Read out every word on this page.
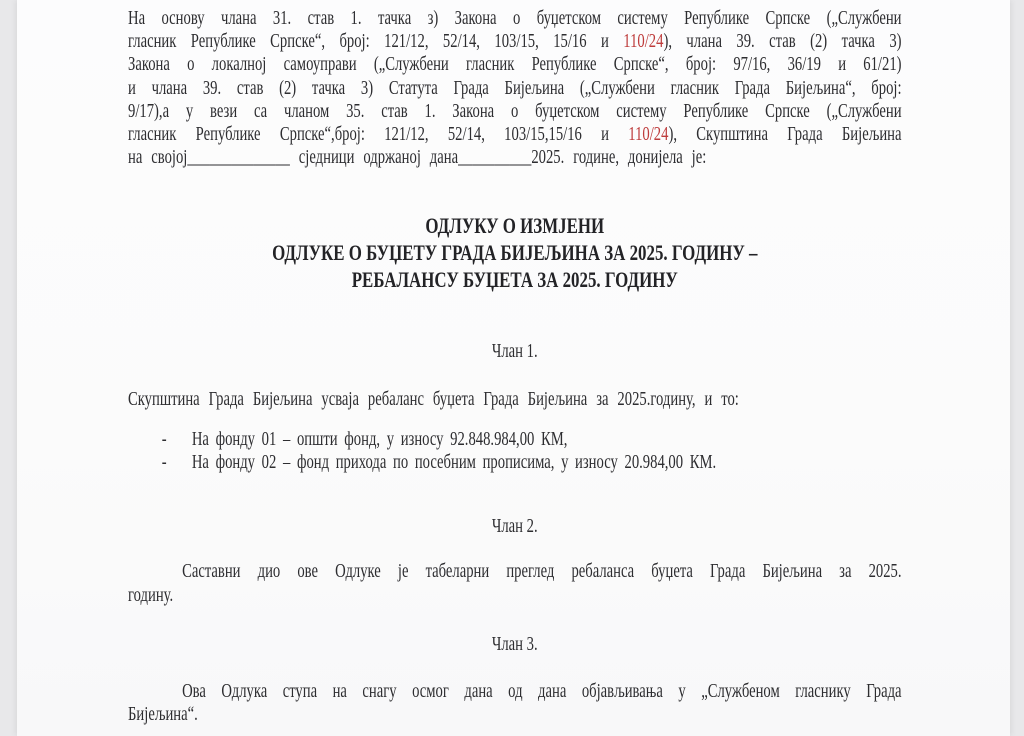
На основу члана 31. став 1. тачка з) Закона о буџетском систему Републике Српске („Службени
гласник Републике Српске“, број: 121/12, 52/14, 103/15, 15/16 и 110/24), члана 39. став (2) тачка 3)
Закона о локалној самоуправи („Службени гласник Републике Српске“, број: 97/16, 36/19 и 61/21)
и члана 39. став (2) тачка 3) Статута Града Бијељина („Службени гласник Града Бијељина“, број:
9/17),а у вези са чланом 35. став 1. Закона о буџетском систему Републике Српске („Службени
гласник Републике Српске“,број: 121/12, 52/14, 103/15,15/16 и 110/24), Скупштина Града Бијељина
на својој______________ сједници одржаној дана__________2025. године, донијела је:
ОДЛУКУ О ИЗМЈЕНИ
ОДЛУКЕ О БУЏЕТУ ГРАДА БИЈЕЉИНА ЗА 2025. ГОДИНУ –
РЕБАЛАНСУ БУЏЕТА ЗА 2025. ГОДИНУ
Члан 1.
Скупштина Града Бијељина усваја ребаланс буџета Града Бијељина за 2025.годину, и то:
-	На фонду 01 – општи фонд, у износу 92.848.984,00 КМ,
-	На фонду 02 – фонд прихода по посебним прописима, у износу 20.984,00 КМ.
Члан 2.
Саставни дио ове Одлуке је табеларни преглед ребаланса буџета Града Бијељина за 2025.
годину.
Члан 3.
Ова Одлука ступа на снагу осмог дана од дана објављивања у „Службеном гласнику Града
Бијељина“.
